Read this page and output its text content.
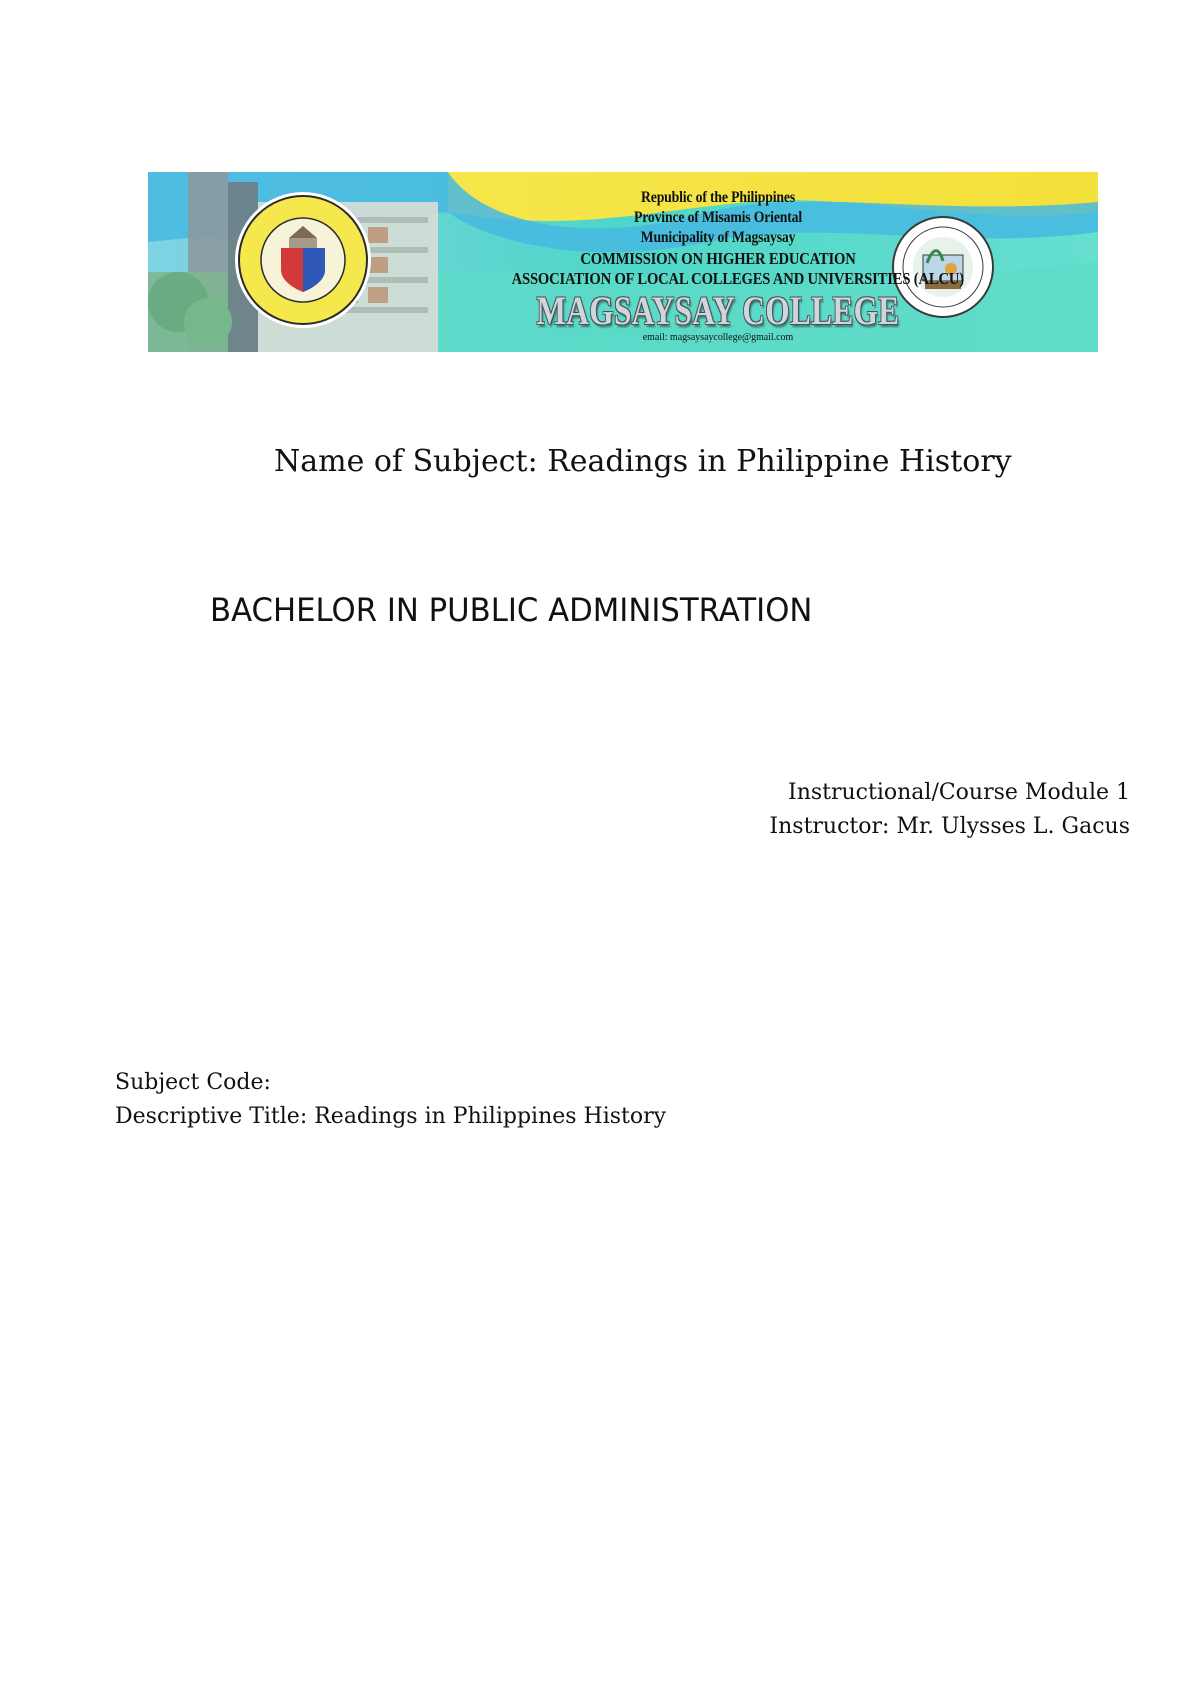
Republic of the Philippines
Province of Misamis Oriental
Municipality of Magsaysay
COMMISSION ON HIGHER EDUCATION
ASSOCIATION OF LOCAL COLLEGES AND UNIVERSITIES (ALCU)
MAGSAYSAY COLLEGE
email: magsaysaycollege@gmail.com
Name of Subject: Readings in Philippine History
BACHELOR IN PUBLIC ADMINISTRATION
Instructional/Course Module 1
Instructor: Mr. Ulysses L. Gacus
Subject Code:
Descriptive Title: Readings in Philippines History
